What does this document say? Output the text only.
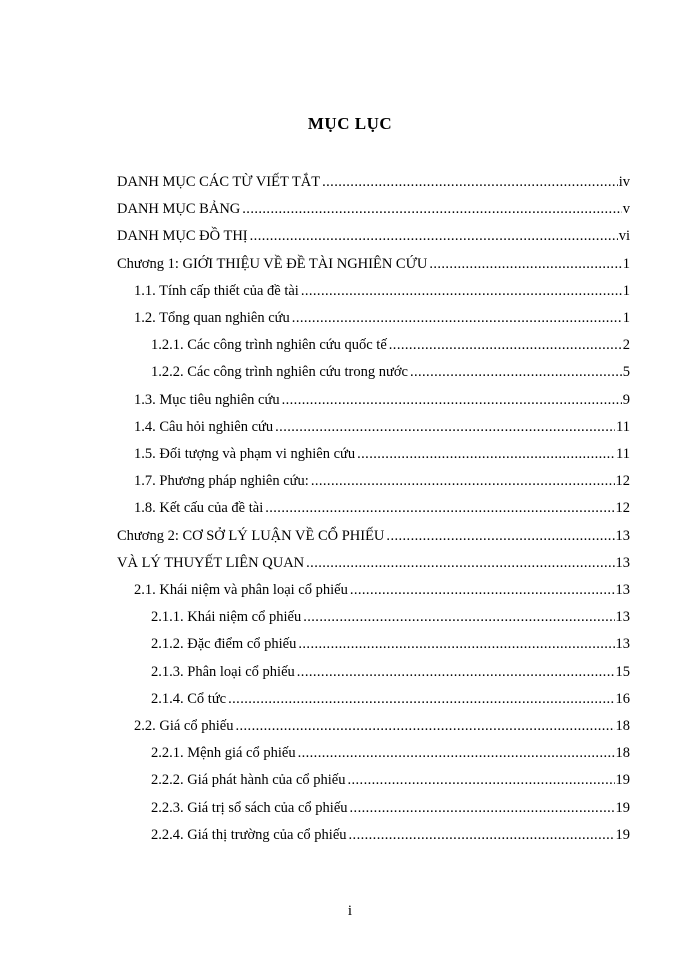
MỤC LỤC
DANH MỤC CÁC TỪ VIẾT TẮT .....	iv
DANH MỤC BẢNG .....	v
DANH MỤC ĐỒ THỊ .....	vi
Chương 1: GIỚI THIỆU VỀ ĐỀ TÀI NGHIÊN CỨU .....	1
1.1. Tính cấp thiết của đề tài .....	1
1.2. Tổng quan nghiên cứu .....	1
1.2.1. Các công trình nghiên cứu quốc tế .....	2
1.2.2. Các công trình nghiên cứu trong nước .....	5
1.3. Mục tiêu nghiên cứu .....	9
1.4. Câu hỏi nghiên cứu .....	11
1.5. Đối tượng và phạm vi nghiên cứu .....	11
1.7. Phương pháp nghiên cứu: .....	12
1.8. Kết cấu của đề tài .....	12
Chương 2: CƠ SỞ LÝ LUẬN VỀ CỔ PHIẾU .....	13
VÀ LÝ THUYẾT LIÊN QUAN .....	13
2.1. Khái niệm và phân loại cổ phiếu .....	13
2.1.1. Khái niệm cổ phiếu .....	13
2.1.2. Đặc điểm cổ phiếu .....	13
2.1.3. Phân loại cổ phiếu .....	15
2.1.4. Cổ tức .....	16
2.2. Giá cổ phiếu .....	18
2.2.1. Mệnh giá cổ phiếu .....	18
2.2.2. Giá phát hành của cổ phiếu .....	19
2.2.3. Giá trị sổ sách của cổ phiếu .....	19
2.2.4. Giá thị trường của cổ phiếu .....	19
i
